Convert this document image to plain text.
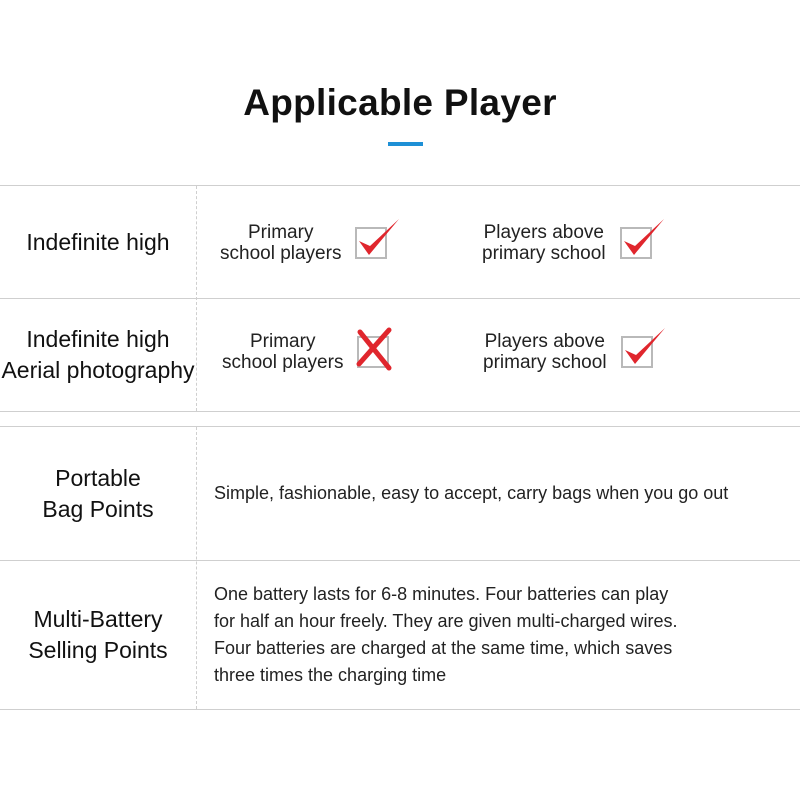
Applicable Player
Indefinite high	Primary
school players
Players above
primary school
Indefinite high
Aerial photography
Primary
school players
Players above
primary school
Portable
Bag Points
Simple, fashionable, easy to accept, carry bags when you go out
Multi-Battery
Selling Points
One battery lasts for 6-8 minutes. Four batteries can play
for half an hour freely. They are given multi-charged wires.
Four batteries are charged at the same time, which saves
three times the charging time
